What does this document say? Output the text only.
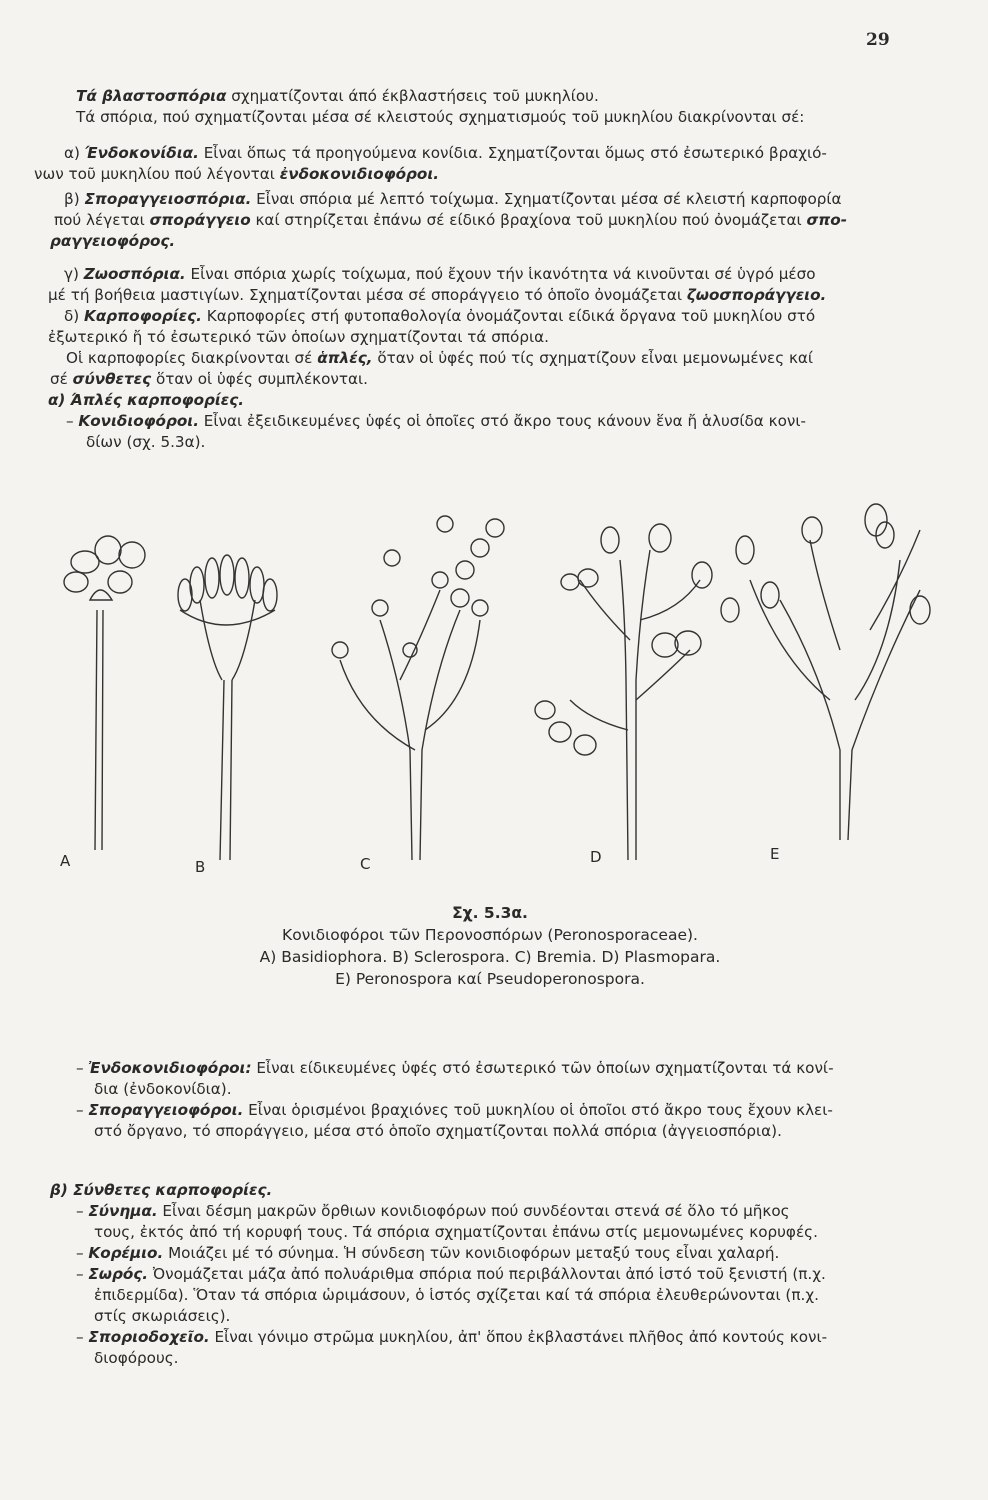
29
Τά βλαστοσπόρια σχηματίζονται άπό έκβλαστήσεις τοῦ μυκηλίου.
Τά σπόρια, πού σχηματίζονται μέσα σέ κλειστούς σχηματισμούς τοῦ μυκηλίου διακρίνονται σέ:
α) Ένδοκονίδια. Εἶναι ὅπως τά προηγούμενα κονίδια. Σχηματίζονται ὅμως στό ἐσωτερικό βραχιό-
νων τοῦ μυκηλίου πού λέγονται ἐνδοκονιδιοφόροι.
β) Σποραγγειοσπόρια. Εἶναι σπόρια μέ λεπτό τοίχωμα. Σχηματίζονται μέσα σέ κλειστή καρποφορία
πού λέγεται σποράγγειο καί στηρίζεται ἐπάνω σέ είδικό βραχίονα τοῦ μυκηλίου πού ὀνομάζεται σπο-
ραγγειοφόρος.
γ) Ζωοσπόρια. Εἶναι σπόρια χωρίς τοίχωμα, πού ἔχουν τήν ἱκανότητα νά κινοῦνται σέ ὑγρό μέσο
μέ τή βοήθεια μαστιγίων. Σχηματίζονται μέσα σέ σποράγγειο τό ὁποῖο ὀνομάζεται ζωοσποράγγειο.
δ) Καρποφορίες. Καρποφορίες στή φυτοπαθολογία ὀνομάζονται είδικά ὄργανα τοῦ μυκηλίου στό
ἐξωτερικό ἤ τό ἐσωτερικό τῶν ὁποίων σχηματίζονται τά σπόρια.
Οἱ καρποφορίες διακρίνονται σέ ἁπλές, ὅταν οἱ ὑφές πού τίς σχηματίζουν εἶναι μεμονωμένες καί
σέ σύνθετες ὅταν οἱ ὑφές συμπλέκονται.
α) Άπλές καρποφορίες.
– Κονιδιοφόροι. Εἶναι ἐξειδικευμένες ὑφές οἱ ὁποῖες στό ἄκρο τους κάνουν ἕνα ἤ ἁλυσίδα κονι-
δίων (σχ. 5.3α).
A	B	C	D	E
Σχ. 5.3α.
Κονιδιοφόροι τῶν Περονοσπόρων (Peronosporaceae).
A) Basidiophora. B) Sclerospora. C) Bremia. D) Plasmopara.
E) Peronospora καί Pseudoperonospora.
– Ἐνδοκονιδιοφόροι: Εἶναι είδικευμένες ὑφές στό ἐσωτερικό τῶν ὁποίων σχηματίζονται τά κονί-
δια (ἐνδοκονίδια).
– Σποραγγειοφόροι. Εἶναι ὁρισμένοι βραχιόνες τοῦ μυκηλίου οἱ ὁποῖοι στό ἄκρο τους ἔχουν κλει-
στό ὄργανο, τό σποράγγειο, μέσα στό ὁποῖο σχηματίζονται πολλά σπόρια (ἀγγειοσπόρια).
β) Σύνθετες καρποφορίες.
– Σύνημα. Εἶναι δέσμη μακρῶν ὄρθιων κονιδιοφόρων πού συνδέονται στενά σέ ὅλο τό μῆκος
τους, ἐκτός ἀπό τή κορυφή τους. Τά σπόρια σχηματίζονται ἐπάνω στίς μεμονωμένες κορυφές.
– Κορέμιο. Μοιάζει μέ τό σύνημα. Ἡ σύνδεση τῶν κονιδιοφόρων μεταξύ τους εἶναι χαλαρή.
– Σωρός. Ὀνομάζεται μάζα ἀπό πολυάριθμα σπόρια πού περιβάλλονται ἀπό ἱστό τοῦ ξενιστή (π.χ.
ἐπιδερμίδα). Ὅταν τά σπόρια ὡριμάσουν, ὁ ἱστός σχίζεται καί τά σπόρια ἐλευθερώνονται (π.χ.
στίς σκωριάσεις).
– Σποριοδοχεῖο. Εἶναι γόνιμο στρῶμα μυκηλίου, ἀπ' ὅπου ἐκβλαστάνει πλῆθος ἀπό κοντούς κονι-
διοφόρους.
